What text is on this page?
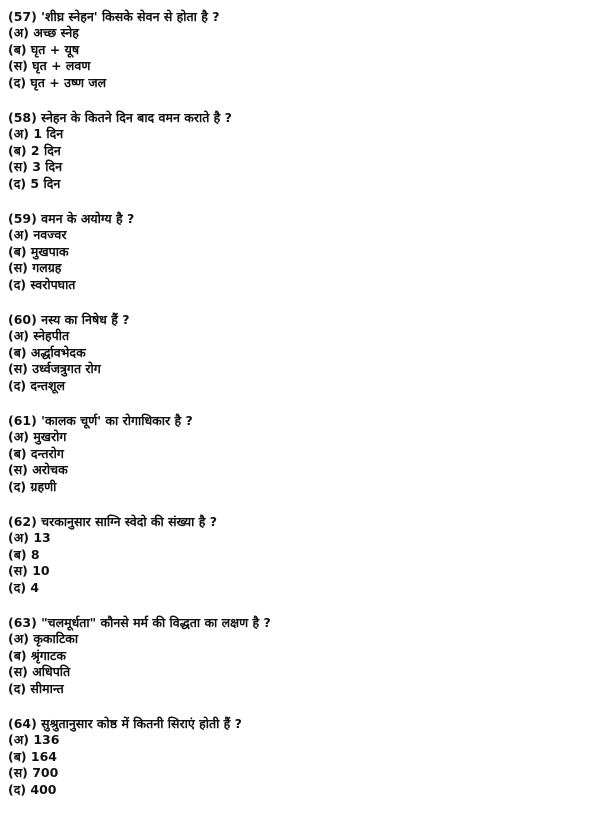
(57) 'शीघ्र स्नेहन' किसके सेवन से होता है ?
(अ) अच्छ स्नेह
(ब) घृत + यूष
(स) घृत + लवण
(द) घृत + उष्ण जल
(58) स्नेहन के कितने दिन बाद वमन कराते है ?
(अ) 1 दिन
(ब) 2 दिन
(स) 3 दिन
(द) 5 दिन
(59) वमन के अयोग्य है ?
(अ) नवज्वर
(ब) मुखपाक
(स) गलग्रह
(द) स्वरोपघात
(60) नस्य का निषेध हैं ?
(अ) स्नेहपीत
(ब) अर्द्धावभेदक
(स) उर्ध्वजत्रुगत रोग
(द) दन्तशूल
(61) 'कालक चूर्ण' का रोगाधिकार है ?
(अ) मुखरोग
(ब) दन्तरोग
(स) अरोचक
(द) ग्रहणी
(62) चरकानुसार साग्नि स्वेदो की संख्या है ?
(अ) 13
(ब) 8
(स) 10
(द) 4
(63) "चलमूर्धता" कौनसे मर्म की विद्धता का लक्षण है ?
(अ) कृकाटिका
(ब) श्रृंगाटक
(स) अधिपति
(द) सीमान्त
(64) सुश्रुतानुसार कोष्ठ में कितनी सिराएं होती हैं ?
(अ) 136
(ब) 164
(स) 700
(द) 400
